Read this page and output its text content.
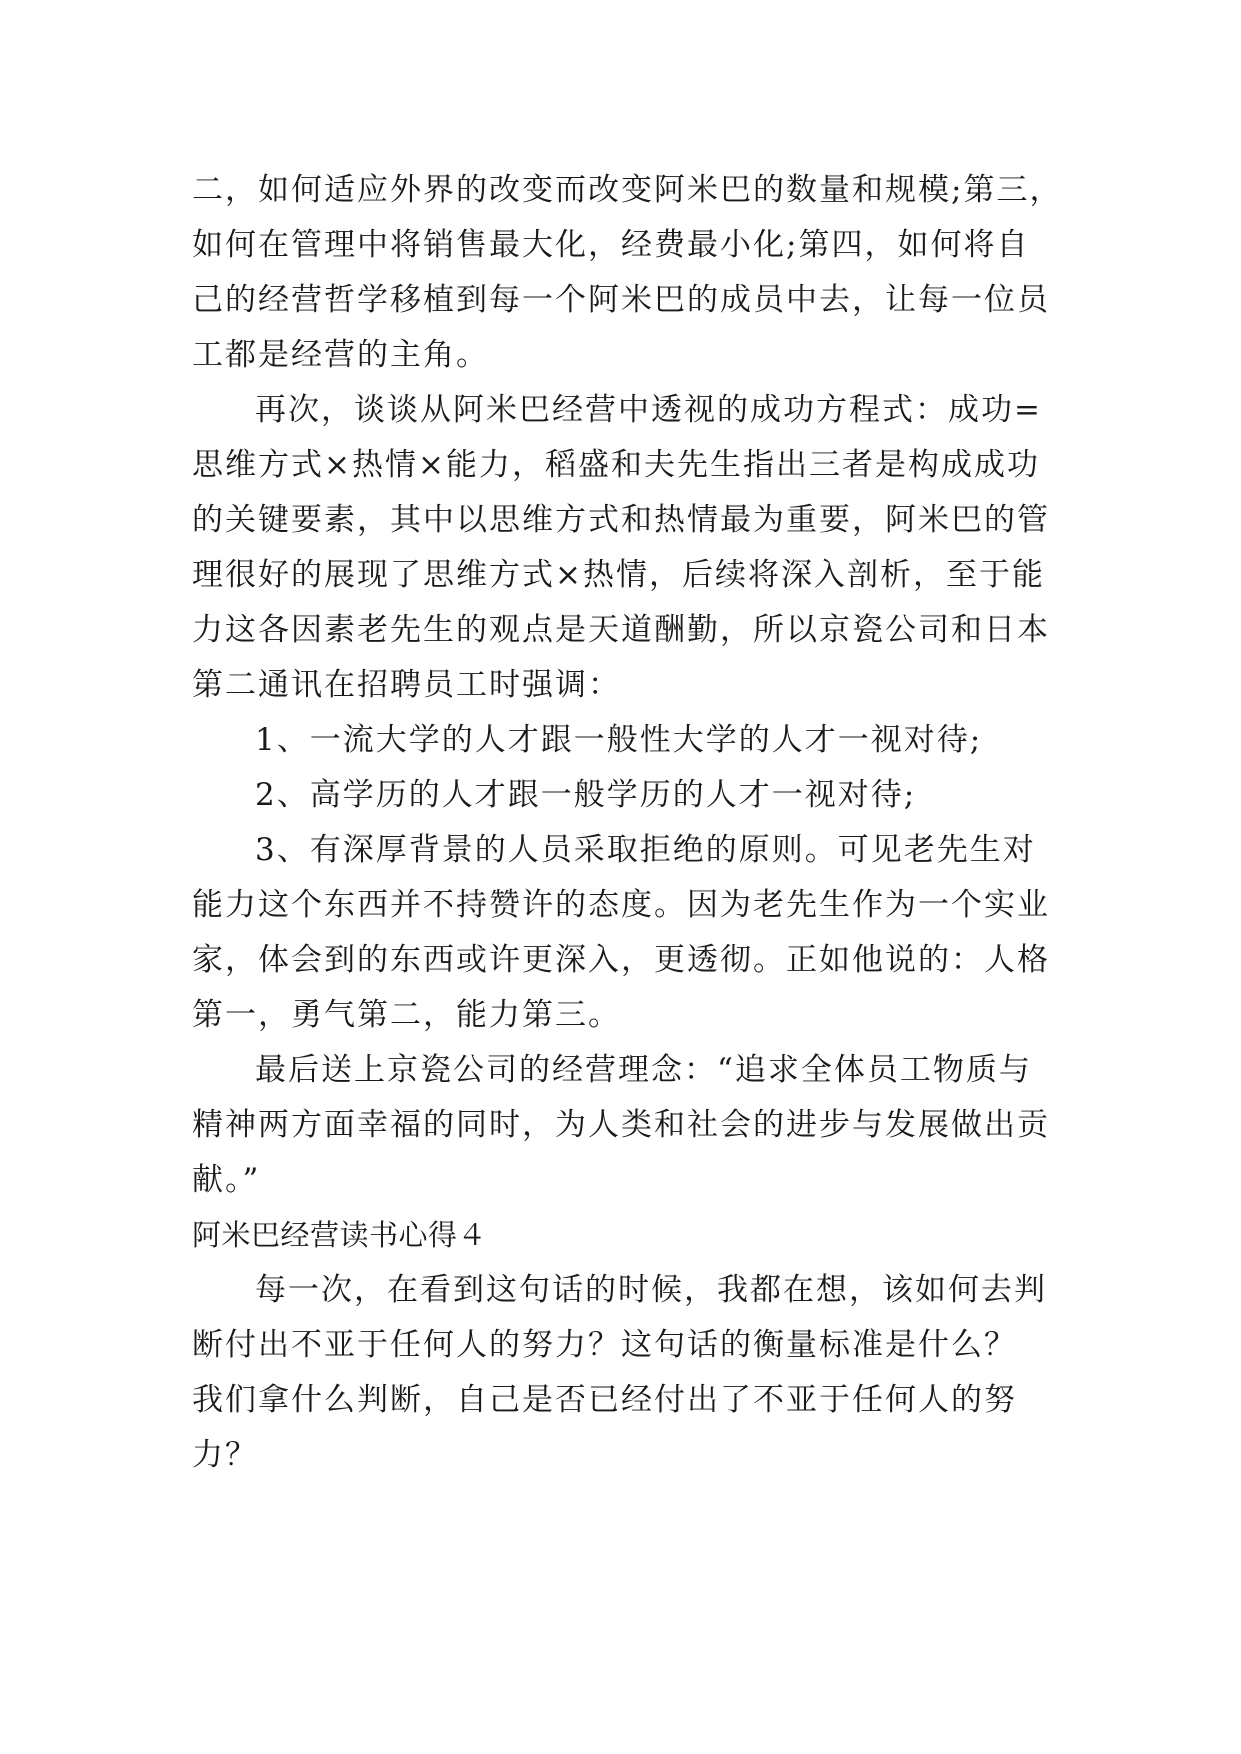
二，如何适应外界的改变而改变阿米巴的数量和规模;第三，
如何在管理中将销售最大化，经费最小化;第四，如何将自
己的经营哲学移植到每一个阿米巴的成员中去，让每一位员
工都是经营的主角。
再次，谈谈从阿米巴经营中透视的成功方程式：成功=
思维方式×热情×能力，稻盛和夫先生指出三者是构成成功
的关键要素，其中以思维方式和热情最为重要，阿米巴的管
理很好的展现了思维方式×热情，后续将深入剖析，至于能
力这各因素老先生的观点是天道酬勤，所以京瓷公司和日本
第二通讯在招聘员工时强调：
1、一流大学的人才跟一般性大学的人才一视对待;
2、高学历的人才跟一般学历的人才一视对待;
3、有深厚背景的人员采取拒绝的原则。可见老先生对
能力这个东西并不持赞许的态度。因为老先生作为一个实业
家，体会到的东西或许更深入，更透彻。正如他说的：人格
第一，勇气第二，能力第三。
最后送上京瓷公司的经营理念：“追求全体员工物质与
精神两方面幸福的同时，为人类和社会的进步与发展做出贡
献。”
阿米巴经营读书心得４
每一次，在看到这句话的时候，我都在想，该如何去判
断付出不亚于任何人的努力？这句话的衡量标准是什么？
我们拿什么判断，自己是否已经付出了不亚于任何人的努
力？
